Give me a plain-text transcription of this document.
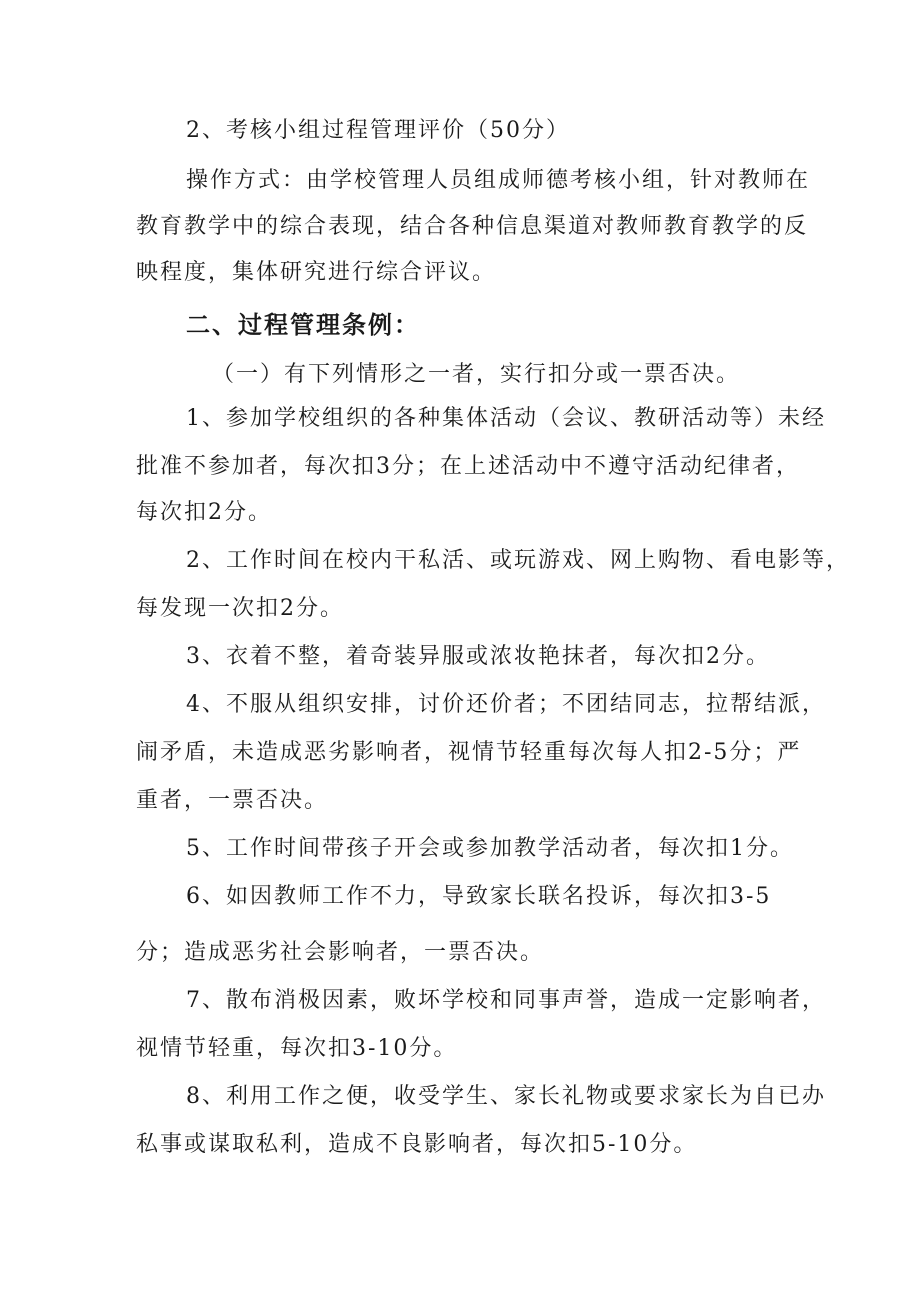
2、考核小组过程管理评价（50分）
操作方式：由学校管理人员组成师德考核小组，针对教师在
教育教学中的综合表现，结合各种信息渠道对教师教育教学的反
映程度，集体研究进行综合评议。
二、过程管理条例：
（一）有下列情形之一者，实行扣分或一票否决。
1、参加学校组织的各种集体活动（会议、教研活动等）未经
批准不参加者，每次扣3分；在上述活动中不遵守活动纪律者，
每次扣2分。
2、工作时间在校内干私活、或玩游戏、网上购物、看电影等，
每发现一次扣2分。
3、衣着不整，着奇装异服或浓妆艳抹者，每次扣2分。
4、不服从组织安排，讨价还价者；不团结同志，拉帮结派，
闹矛盾，未造成恶劣影响者，视情节轻重每次每人扣2-5分；严
重者，一票否决。
5、工作时间带孩子开会或参加教学活动者，每次扣1分。
6、如因教师工作不力，导致家长联名投诉，每次扣3-5
分；造成恶劣社会影响者，一票否决。
7、散布消极因素，败坏学校和同事声誉，造成一定影响者，
视情节轻重，每次扣3-10分。
8、利用工作之便，收受学生、家长礼物或要求家长为自已办
私事或谋取私利，造成不良影响者，每次扣5-10分。
